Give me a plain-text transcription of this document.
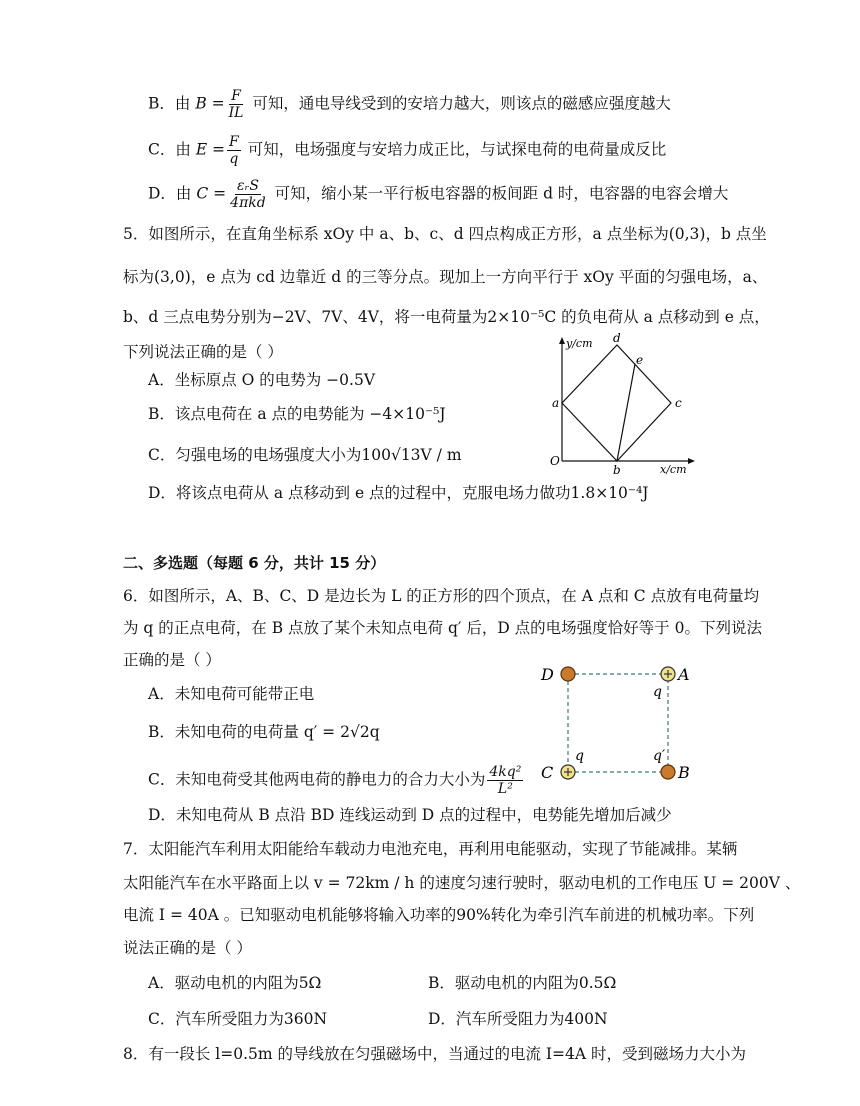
B．由 $B = \frac{F}{IL}$ 可知，通电导线受到的安培力越大，则该点的磁感应强度越大
C．由 $E = \frac{F}{q}$ 可知，电场强度与安培力成正比，与试探电荷的电荷量成反比
D．由 $C = \frac{\text{εᵣS}}{\text{4πkd}}$ 可知，缩小某一平行板电容器的板间距 d 时，电容器的电容会增大
5．如图所示，在直角坐标系 xOy 中 a、b、c、d 四点构成正方形，a 点坐标为(0,3)，b 点坐
标为(3,0)，e 点为 cd 边靠近 d 的三等分点。现加上一方向平行于 xOy 平面的匀强电场，a、
b、d 三点电势分别为−2V、7V、4V，将一电荷量为2×10⁻⁵C 的负电荷从 a 点移动到 e 点，
下列说法正确的是（ ）
A．坐标原点 O 的电势为 −0.5V
B．该点电荷在 a 点的电势能为 −4×10⁻⁵J
C．匀强电场的电场强度大小为100√13V / m
D．将该点电荷从 a 点移动到 e 点的过程中，克服电场力做功1.8×10⁻⁴J
y/cm
x/cm
O
a
b
c
d
e
二、多选题（每题 6 分，共计 15 分）
6．如图所示，A、B、C、D 是边长为 L 的正方形的四个顶点，在 A 点和 C 点放有电荷量均
为 q 的正点电荷，在 B 点放了某个未知点电荷 q′ 后，D 点的电场强度恰好等于 0。下列说法
正确的是（ ）
A．未知电荷可能带正电
B．未知电荷的电荷量 q′ = 2√2q
C．未知电荷受其他两电荷的静电力的合力大小为 $\frac{\text{4kq²}}{\text{L²}}$
D．未知电荷从 B 点沿 BD 连线运动到 D 点的过程中，电势能先增加后减少
D	A
C	B
q
q	q′
7．太阳能汽车利用太阳能给车载动力电池充电，再利用电能驱动，实现了节能减排。某辆
太阳能汽车在水平路面上以 v = 72km / h 的速度匀速行驶时，驱动电机的工作电压 U = 200V 、
电流 I = 40A 。已知驱动电机能够将输入功率的90%转化为牵引汽车前进的机械功率。下列
说法正确的是（ ）
A．驱动电机的内阻为5Ω	B．驱动电机的内阻为0.5Ω
C．汽车所受阻力为360N	D．汽车所受阻力为400N
8．有一段长 l=0.5m 的导线放在匀强磁场中，当通过的电流 I=4A 时，受到磁场力大小为
